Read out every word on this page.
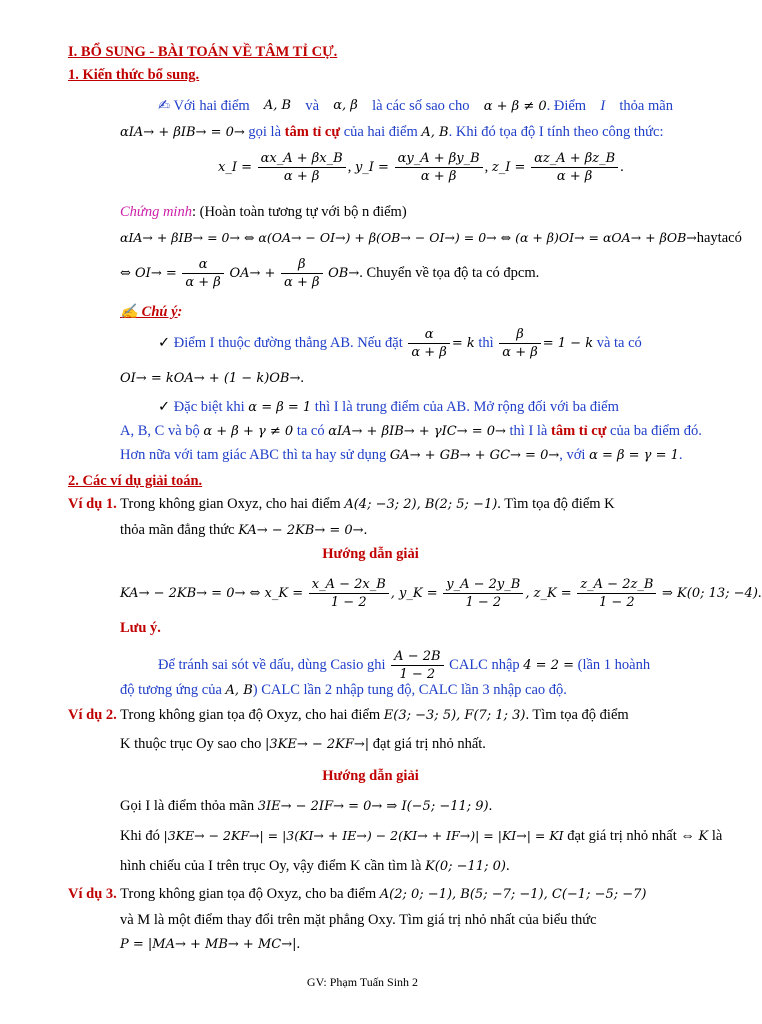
I. BỔ SUNG - BÀI TOÁN VỀ TÂM TỈ CỰ.
1. Kiến thức bổ sung.
✍ Với hai điểm A, B và α, β là các số sao cho α + β ≠ 0. Điểm I thỏa mãn
αIA→ + βIB→ = 0→ gọi là tâm tỉ cự của hai điểm A, B. Khi đó tọa độ I tính theo công thức:
x_I = $\frac{\alpha x\_A + \beta x\_B}{\alpha + \beta}$ , y_I = $\frac{\alpha y\_A + \beta y\_B}{\alpha + \beta}$ , z_I = $\frac{\alpha z\_A + \beta z\_B}{\alpha + \beta}$ .
Chứng minh: (Hoàn toàn tương tự với bộ n điểm)
αIA→ + βIB→ = 0→ ⇔ α(OA→ − OI→) + β(OB→ − OI→) = 0→ ⇔ (α + β)OI→ = αOA→ + βOB→ hay ta có
⇔ $OI\to = \frac{\alpha}{\alpha + \beta} OA\to + \frac{\beta}{\alpha + \beta} OB\to$. Chuyển về tọa độ ta có đpcm.
✍ Chú ý:
✓ Điểm I thuộc đường thẳng AB. Nếu đặt $\frac{\alpha}{\alpha + \beta} = k$ thì $\frac{\beta}{\alpha + \beta} = 1 - k$ và ta có
OI→ = kOA→ + (1 − k)OB→.
✓ Đặc biệt khi α = β = 1 thì I là trung điểm của AB. Mở rộng đối với ba điểm
A, B, C và bộ α + β + γ ≠ 0 ta có αIA→ + βIB→ + γIC→ = 0→ thì I là tâm tỉ cự của ba điểm đó.
Hơn nữa với tam giác ABC thì ta hay sử dụng GA→ + GB→ + GC→ = 0→, với α = β = γ = 1.
2. Các ví dụ giải toán.
Ví dụ 1. Trong không gian Oxyz, cho hai điểm A(4; −3; 2), B(2; 5; −1). Tìm tọa độ điểm K
thỏa mãn đẳng thức KA→ − 2KB→ = 0→.
Hướng dẫn giải
KA→ − 2KB→ = 0→ ⇔ x_K = $\frac{x\_A - 2x\_B}{1 - 2}$ , y_K = $\frac{y\_A - 2y\_B}{1 - 2}$ , z_K = $\frac{z\_A - 2z\_B}{1 - 2}$ ⇒ K(0; 13; −4).
Lưu ý.
Để tránh sai sót về dấu, dùng Casio ghi $\frac{A - 2B}{1 - 2}$ CALC nhập 4 = 2 = (lần 1 hoành
độ tương ứng của A, B) CALC lần 2 nhập tung độ, CALC lần 3 nhập cao độ.
Ví dụ 2. Trong không gian tọa độ Oxyz, cho hai điểm E(3; −3; 5), F(7; 1; 3). Tìm tọa độ điểm
K thuộc trục Oy sao cho |3KE→ − 2KF→| đạt giá trị nhỏ nhất.
Hướng dẫn giải
Gọi I là điểm thỏa mãn 3IE→ − 2IF→ = 0→ ⇒ I(−5; −11; 9).
Khi đó |3KE→ − 2KF→| = |3(KI→ + IE→) − 2(KI→ + IF→)| = |KI→| = KI đạt giá trị nhỏ nhất ⇔ K là
hình chiếu của I trên trục Oy, vậy điểm K cần tìm là K(0; −11; 0).
Ví dụ 3. Trong không gian tọa độ Oxyz, cho ba điểm A(2; 0; −1), B(5; −7; −1), C(−1; −5; −7)
và M là một điểm thay đổi trên mặt phẳng Oxy. Tìm giá trị nhỏ nhất của biểu thức
P = |MA→ + MB→ + MC→|.
GV: Phạm Tuấn Sinh 2
